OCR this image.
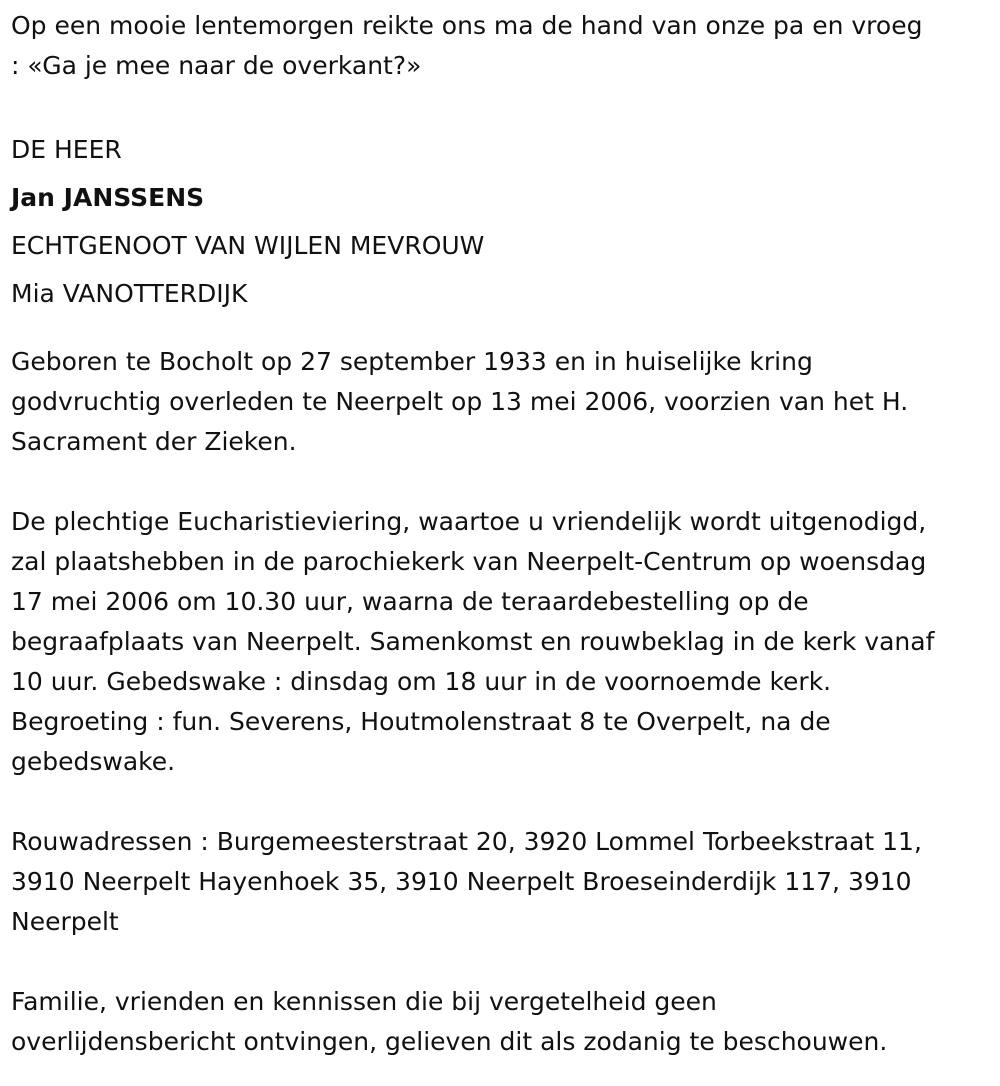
Op een mooie lentemorgen reikte ons ma de hand van onze pa en vroeg
: «Ga je mee naar de overkant?»

DE HEER
Jan JANSSENS
ECHTGENOOT VAN WIJLEN MEVROUW
Mia VANOTTERDIJK

Geboren te Bocholt op 27 september 1933 en in huiselijke kring
godvruchtig overleden te Neerpelt op 13 mei 2006, voorzien van het H.
Sacrament der Zieken.

De plechtige Eucharistieviering, waartoe u vriendelijk wordt uitgenodigd,
zal plaatshebben in de parochiekerk van Neerpelt-Centrum op woensdag
17 mei 2006 om 10.30 uur, waarna de teraardebestelling op de
begraafplaats van Neerpelt. Samenkomst en rouwbeklag in de kerk vanaf
10 uur. Gebedswake : dinsdag om 18 uur in de voornoemde kerk.
Begroeting : fun. Severens, Houtmolenstraat 8 te Overpelt, na de
gebedswake.

Rouwadressen : Burgemeesterstraat 20, 3920 Lommel Torbeekstraat 11,
3910 Neerpelt Hayenhoek 35, 3910 Neerpelt Broeseinderdijk 117, 3910
Neerpelt

Familie, vrienden en kennissen die bij vergetelheid geen
overlijdensbericht ontvingen, gelieven dit als zodanig te beschouwen.
